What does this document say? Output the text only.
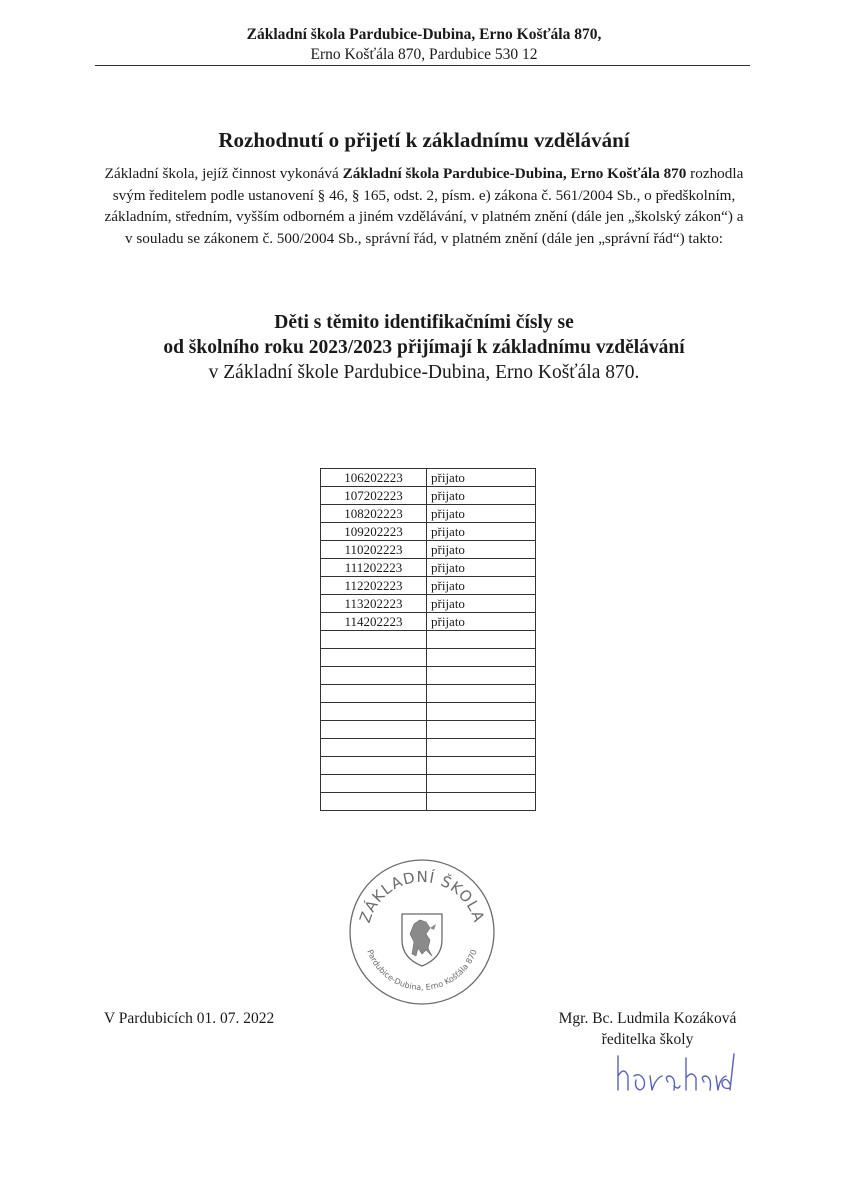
Základní škola Pardubice-Dubina, Erno Košťála 870,
Erno Košťála 870, Pardubice 530 12
Rozhodnutí o přijetí k základnímu vzdělávání
Základní škola, jejíž činnost vykonává Základní škola Pardubice-Dubina, Erno Košťála 870 rozhodla svým ředitelem podle ustanovení § 46, § 165, odst. 2, písm. e) zákona č. 561/2004 Sb., o předškolním, základním, středním, vyšším odborném a jiném vzdělávání, v platném znění (dále jen „školský zákon“) a v souladu se zákonem č. 500/2004 Sb., správní řád, v platném znění (dále jen „správní řád“) takto:
Děti s těmito identifikačními čísly se
od školního roku 2023/2023 přijímají k základnímu vzdělávání
v Základní škole Pardubice-Dubina, Erno Košťála 870.
106202223	přijato
107202223	přijato
108202223	přijato
109202223	přijato
110202223	přijato
111202223	přijato
112202223	přijato
113202223	přijato
114202223	přijato

ZÁKLADNÍ ŠKOLA
Pardubice-Dubina, Erno Košťála 870
V Pardubicích 01. 07. 2022	Mgr. Bc. Ludmila Kozáková
ředitelka školy
